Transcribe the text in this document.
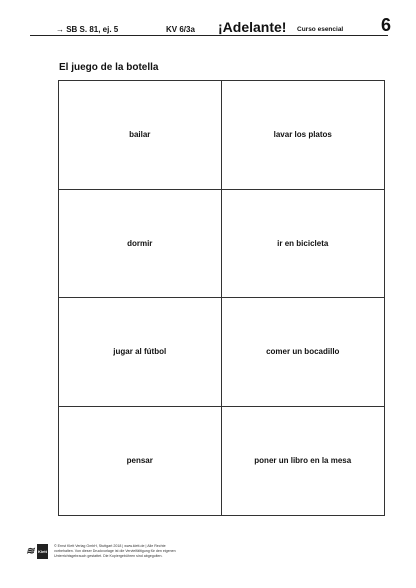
→ SB S. 81, ej. 5	KV 6/3a ¡Adelante! Curso esencial 6
El juego de la botella
bailar	lavar los platos
dormir	ir en bicicleta
jugar al fútbol	comer un bocadillo
pensar	poner un libro en la mesa
≋ Klett
© Ernst Klett Verlag GmbH, Stuttgart 2018 | www.klett.de | Alle Rechte
vorbehalten. Von dieser Druckvorlage ist die Vervielfältigung für den eigenen
Unterrichtsgebrauch gestattet. Die Kopiergebühren sind abgegolten.
